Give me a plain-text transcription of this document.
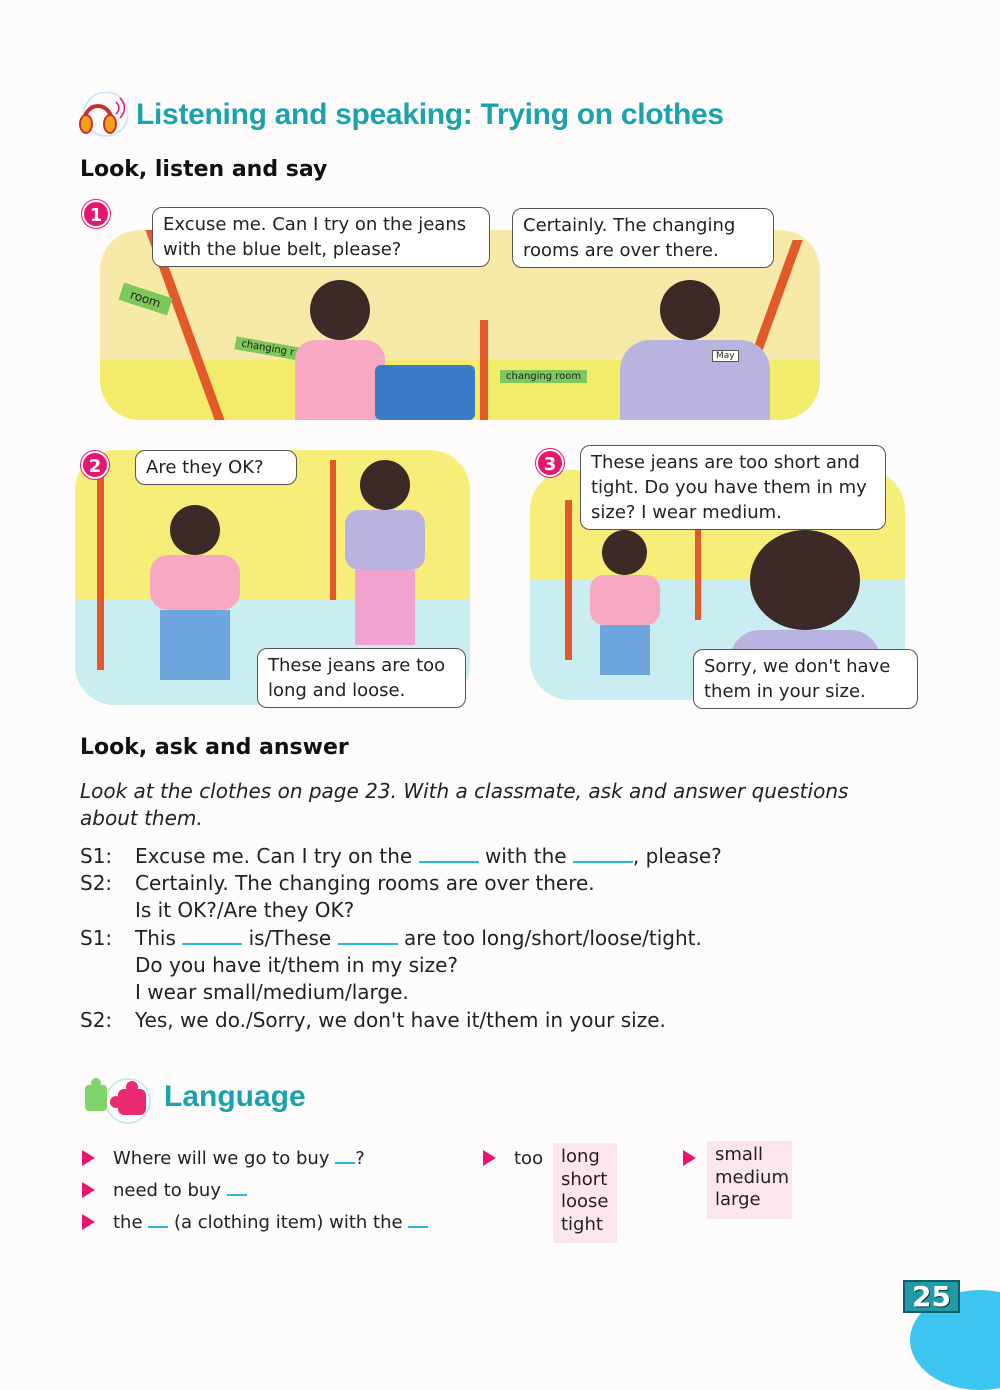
Listening and speaking: Trying on clothes
Look, listen and say
room
changing r
changing room
May
1	Excuse me. Can I try on the jeans with the blue belt, please?
Certainly. The changing rooms are over there.
2	Are they OK?
These jeans are too long and loose.
3	These jeans are too short and tight. Do you have them in my size? I wear medium.
Sorry, we don't have them in your size.
Look, ask and answer
Look at the clothes on page 23. With a classmate, ask and answer questions about them.
S1: Excuse me. Can I try on the	with the	, please?
S2: Certainly. The changing rooms are over there.
Is it OK?/Are they OK?
S1: This	is/These	are too long/short/loose/tight.
Do you have it/them in my size?
I wear small/medium/large.
S2: Yes, we do./Sorry, we don't have it/them in your size.
Language
Where will we go to buy ?
need to buy
the  (a clothing item) with the
too long
short
loose
tight
small
medium
large
25
